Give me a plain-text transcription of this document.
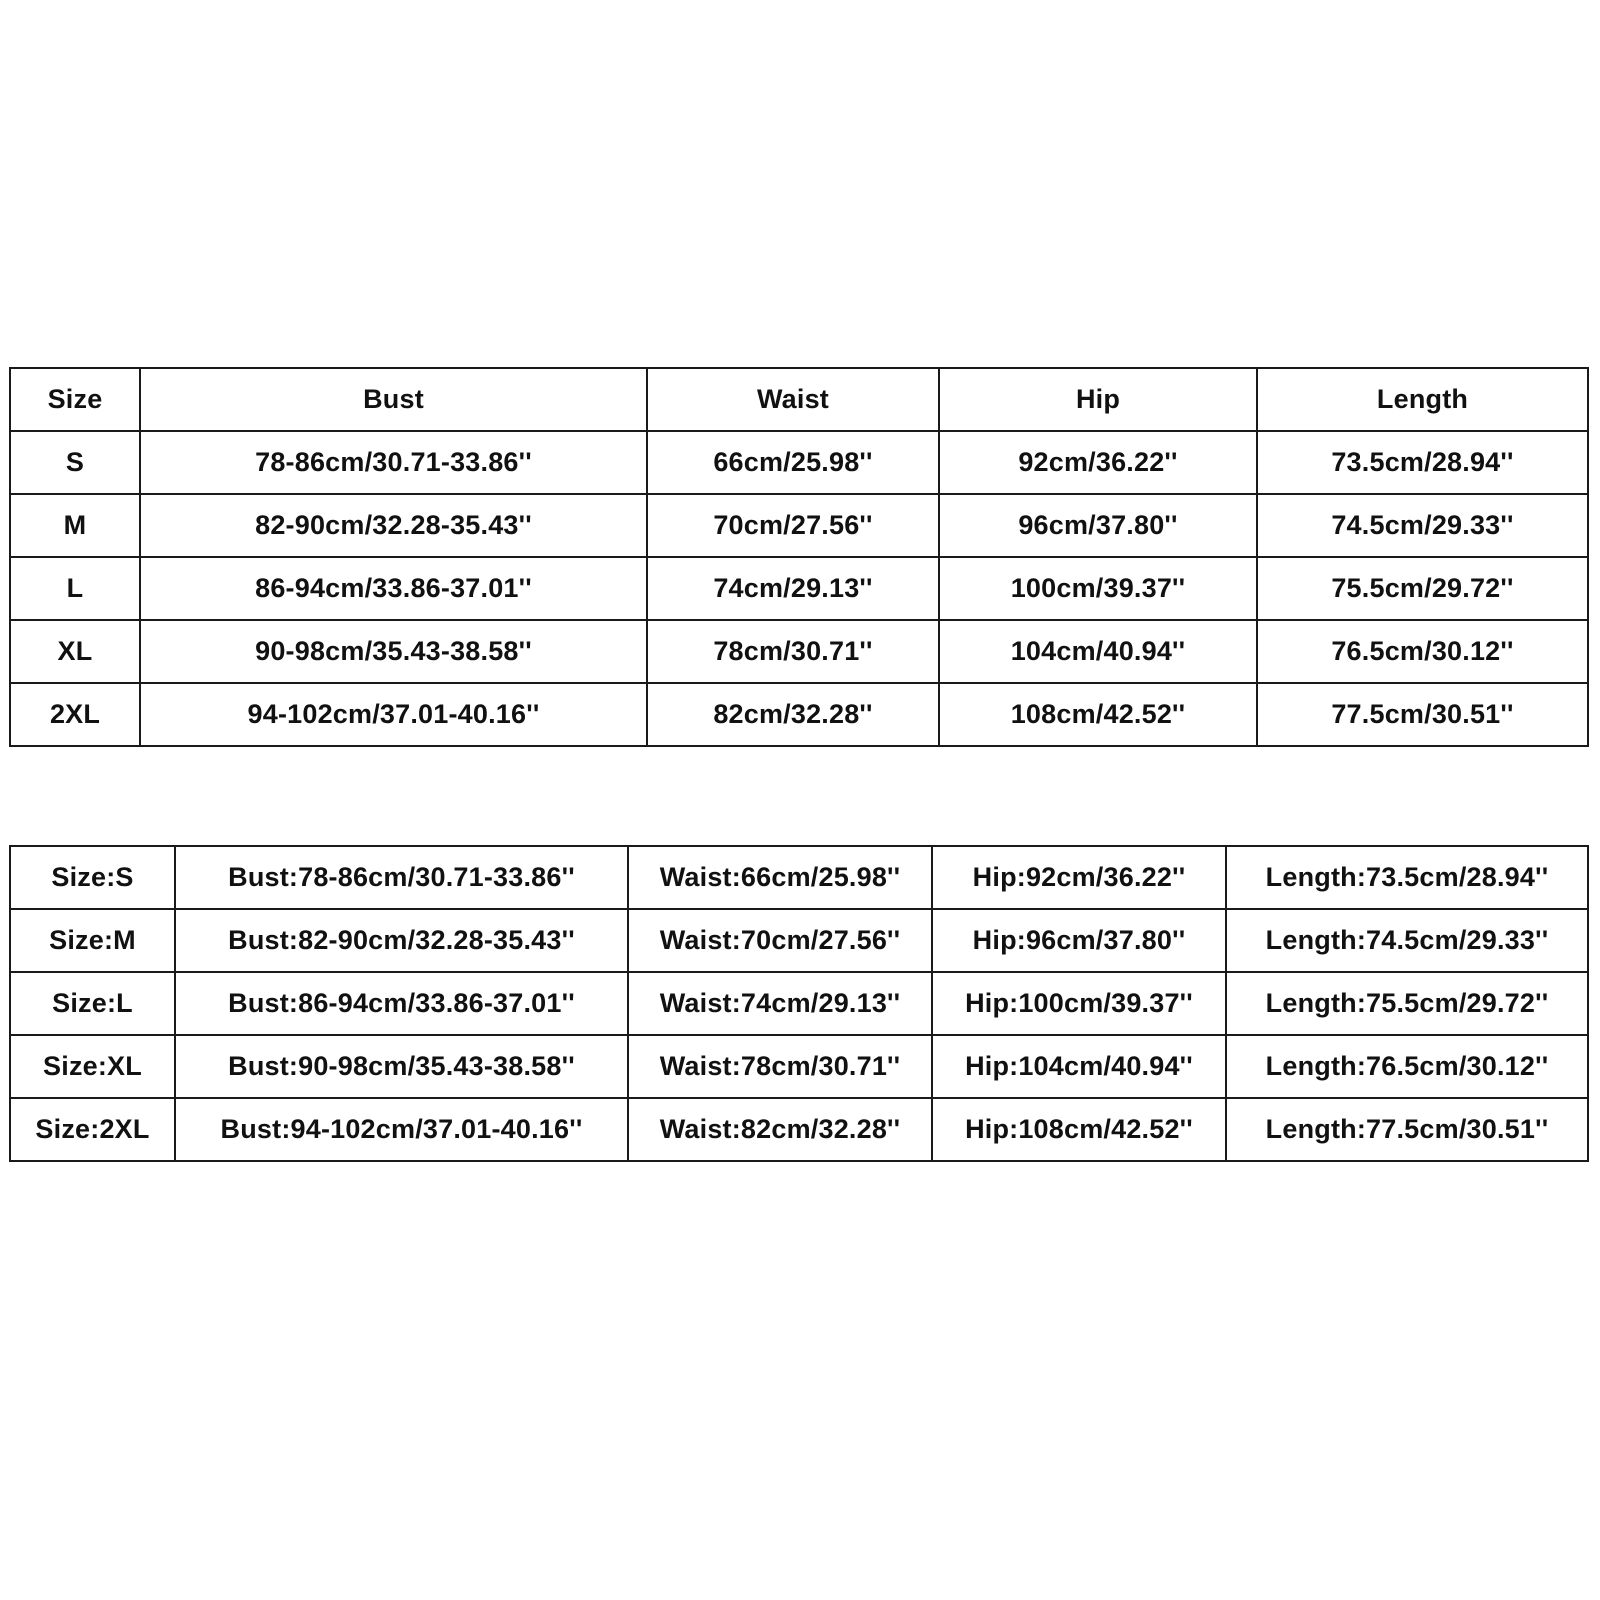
Size	Bust	Waist	Hip	Length
S	78-86cm/30.71-33.86''	66cm/25.98''	92cm/36.22''	73.5cm/28.94''
M	82-90cm/32.28-35.43''	70cm/27.56''	96cm/37.80''	74.5cm/29.33''
L	86-94cm/33.86-37.01''	74cm/29.13''	100cm/39.37''	75.5cm/29.72''
XL	90-98cm/35.43-38.58''	78cm/30.71''	104cm/40.94''	76.5cm/30.12''
2XL	94-102cm/37.01-40.16''	82cm/32.28''	108cm/42.52''	77.5cm/30.51''
Size:S	Bust:78-86cm/30.71-33.86''	Waist:66cm/25.98''	Hip:92cm/36.22''	Length:73.5cm/28.94''
Size:M	Bust:82-90cm/32.28-35.43''	Waist:70cm/27.56''	Hip:96cm/37.80''	Length:74.5cm/29.33''
Size:L	Bust:86-94cm/33.86-37.01''	Waist:74cm/29.13''	Hip:100cm/39.37''	Length:75.5cm/29.72''
Size:XL	Bust:90-98cm/35.43-38.58''	Waist:78cm/30.71''	Hip:104cm/40.94''	Length:76.5cm/30.12''
Size:2XL	Bust:94-102cm/37.01-40.16''	Waist:82cm/32.28''	Hip:108cm/42.52''	Length:77.5cm/30.51''
